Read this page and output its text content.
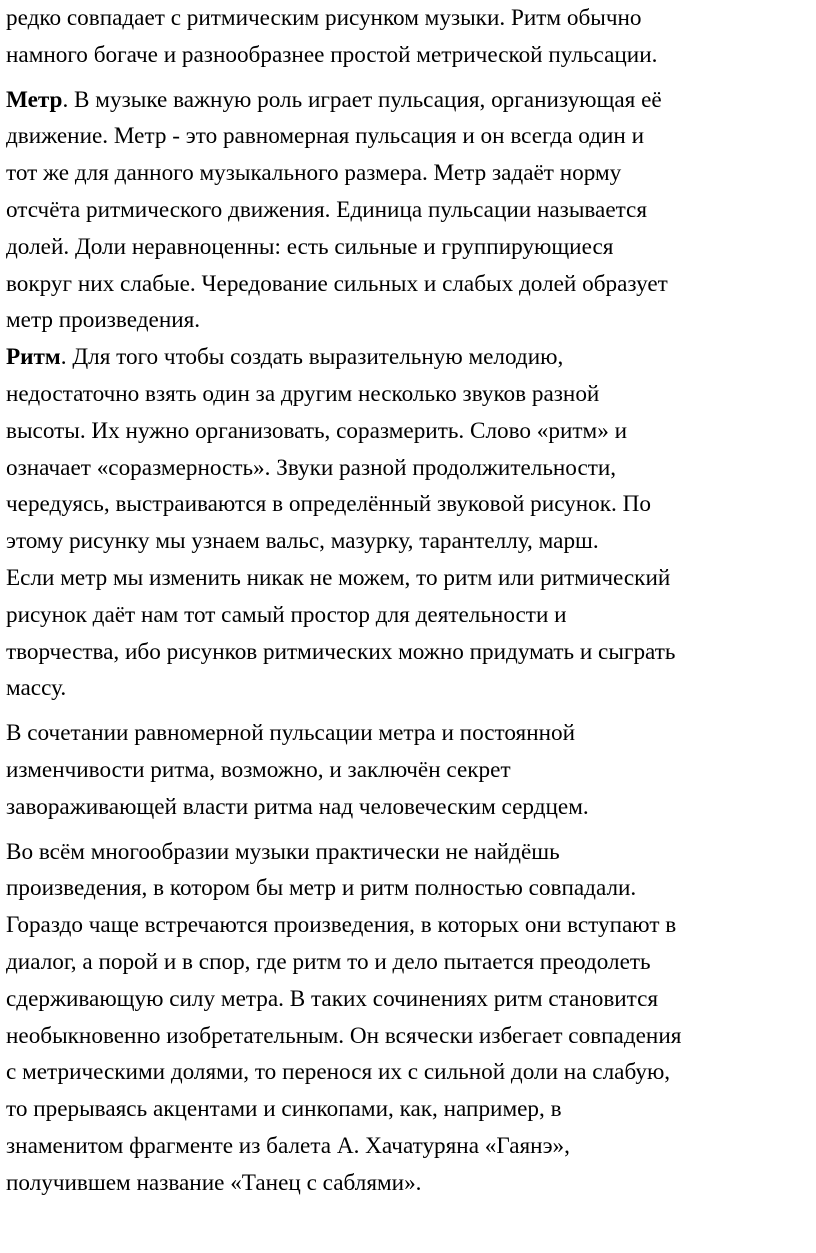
редко совпадает с ритмическим рисунком музыки. Ритм обычно
намного богаче и разнообразнее простой метрической пульсации.
Метр. В музыке важную роль играет пульсация, организующая её
движение. Метр - это равномерная пульсация и он всегда один и
тот же для данного музыкального размера. Метр задаёт норму
отсчёта ритмического движения. Единица пульсации называется
долей. Доли неравноценны: есть сильные и группирующиеся
вокруг них слабые. Чередование сильных и слабых долей образует
метр произведения.
Ритм. Для того чтобы создать выразительную мелодию,
недостаточно взять один за другим несколько звуков разной
высоты. Их нужно организовать, соразмерить. Слово «ритм» и
означает «соразмерность». Звуки разной продолжительности,
чередуясь, выстраиваются в определённый звуковой рисунок. По
этому рисунку мы узнаем вальс, мазурку, тарантеллу, марш.
Если метр мы изменить никак не можем, то ритм или ритмический
рисунок даёт нам тот самый простор для деятельности и
творчества, ибо рисунков ритмических можно придумать и сыграть
массу.
В сочетании равномерной пульсации метра и постоянной
изменчивости ритма, возможно, и заключён секрет
завораживающей власти ритма над человеческим сердцем.
Во всём многообразии музыки практически не найдёшь
произведения, в котором бы метр и ритм полностью совпадали.
Гораздо чаще встречаются произведения, в которых они вступают в
диалог, а порой и в спор, где ритм то и дело пытается преодолеть
сдерживающую силу метра. В таких сочинениях ритм становится
необыкновенно изобретательным. Он всячески избегает совпадения
с метрическими долями, то перенося их с сильной доли на слабую,
то прерываясь акцентами и синкопами, как, например, в
знаменитом фрагменте из балета А. Хачатуряна «Гаянэ»,
получившем название «Танец с саблями».
